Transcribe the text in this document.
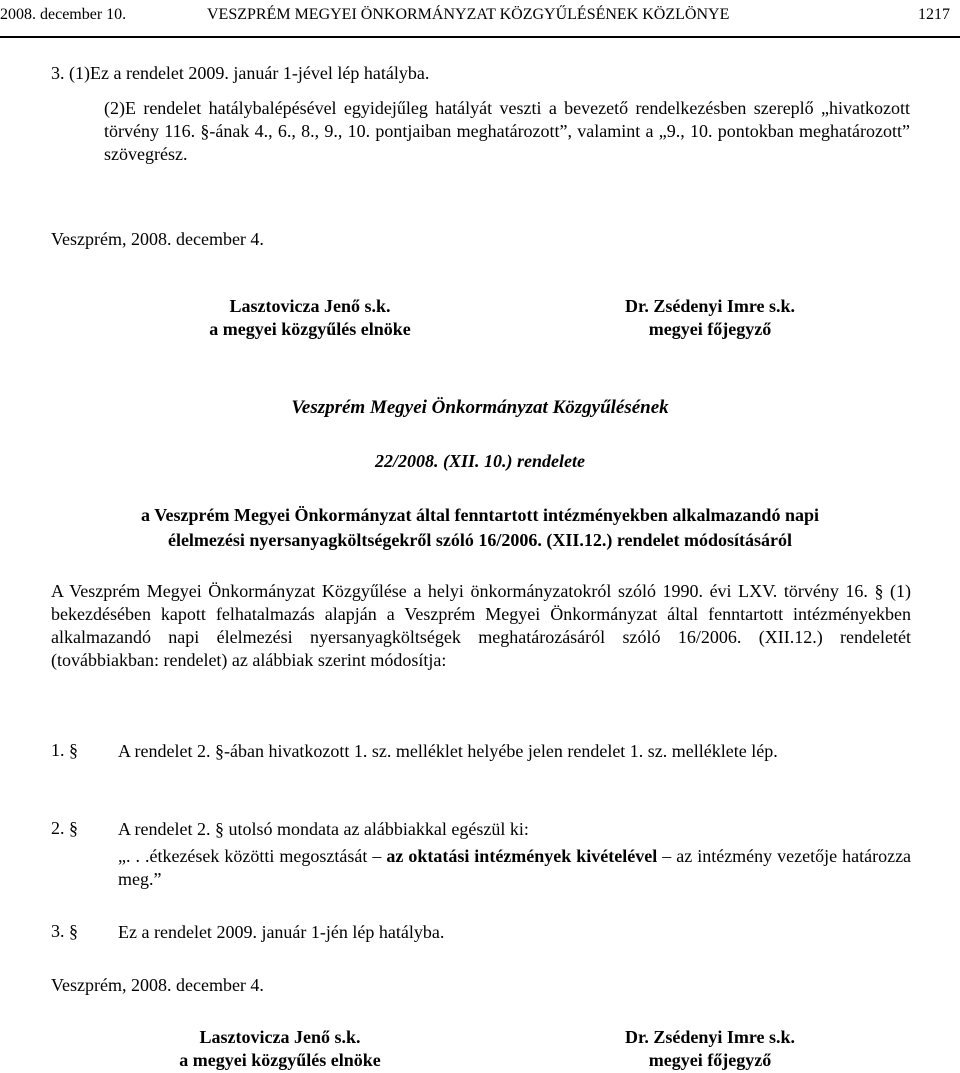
2008. december 10.	VESZPRÉM MEGYEI ÖNKORMÁNYZAT KÖZGYŰLÉSÉNEK KÖZLÖNYE	1217
3. (1)Ez a rendelet 2009. január 1-jével lép hatályba.
(2)E rendelet hatálybalépésével egyidejűleg hatályát veszti a bevezető rendelkezésben szereplő „hivatkozott törvény 116. §-ának 4., 6., 8., 9., 10. pontjaiban meghatározott”, valamint a „9., 10. pontokban meghatározott” szövegrész.
Veszprém, 2008. december 4.
Lasztovicza Jenő s.k.
a megyei közgyűlés elnöke
Dr. Zsédenyi Imre s.k.
megyei főjegyző
Veszprém Megyei Önkormányzat Közgyűlésének
22/2008. (XII. 10.) rendelete
a Veszprém Megyei Önkormányzat által fenntartott intézményekben alkalmazandó napi
élelmezési nyersanyagköltségekről szóló 16/2006. (XII.12.) rendelet módosításáról
A Veszprém Megyei Önkormányzat Közgyűlése a helyi önkormányzatokról szóló 1990. évi LXV. törvény 16. § (1) bekezdésében kapott felhatalmazás alapján a Veszprém Megyei Önkormányzat által fenntartott intézményekben alkalmazandó napi élelmezési nyersanyagköltségek meghatározásáról szóló 16/2006. (XII.12.) rendeletét (továbbiakban: rendelet) az alábbiak szerint módosítja:
1. § A rendelet 2. §-ában hivatkozott 1. sz. melléklet helyébe jelen rendelet 1. sz. melléklete lép.
2. § A rendelet 2. § utolsó mondata az alábbiakkal egészül ki:
„. . .étkezések közötti megosztását – az oktatási intézmények kivételével – az intézmény vezetője határozza meg.”
3. § Ez a rendelet 2009. január 1-jén lép hatályba.
Veszprém, 2008. december 4.
Lasztovicza Jenő s.k.
a megyei közgyűlés elnöke
Dr. Zsédenyi Imre s.k.
megyei főjegyző
